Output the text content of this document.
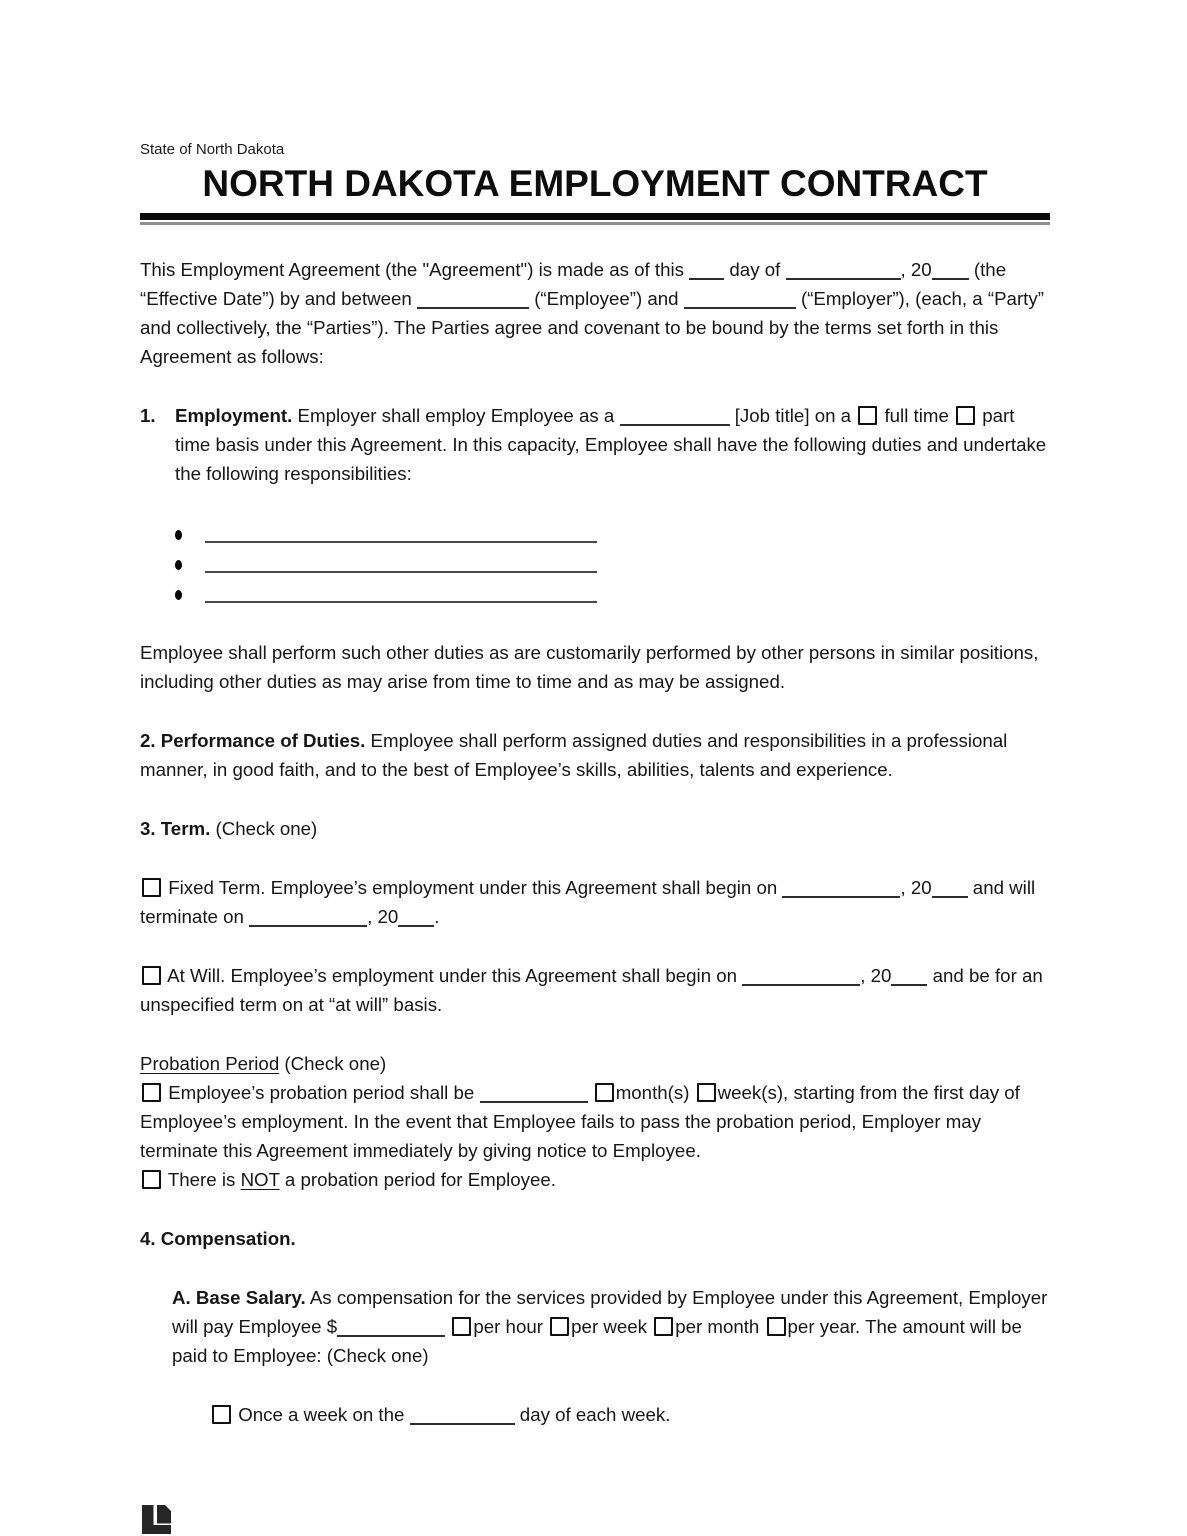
State of North Dakota
NORTH DAKOTA EMPLOYMENT CONTRACT
This Employment Agreement (the "Agreement") is made as of this  day of	, 20 (the “Effective Date”) by and between	(“Employee”) and	(“Employer”), (each, a “Party” and collectively, the “Parties”). The Parties agree and covenant to be bound by the terms set forth in this Agreement as follows:
1. Employment. Employer shall employ Employee as a	[Job title] on a  full time  part time basis under this Agreement. In this capacity, Employee shall have the following duties and undertake the following responsibilities:
Employee shall perform such other duties as are customarily performed by other persons in similar positions, including other duties as may arise from time to time and as may be assigned.
2. Performance of Duties. Employee shall perform assigned duties and responsibilities in a professional manner, in good faith, and to the best of Employee’s skills, abilities, talents and experience.
3. Term. (Check one)
Fixed Term. Employee’s employment under this Agreement shall begin on	, 20 and will terminate on	, 20 .
At Will. Employee’s employment under this Agreement shall begin on	, 20 and be for an unspecified term on at “at will” basis.
Probation Period (Check one)
Employee’s probation period shall be	month(s) week(s), starting from the first day of Employee’s employment. In the event that Employee fails to pass the probation period, Employer may terminate this Agreement immediately by giving notice to Employee.
There is NOT a probation period for Employee.
4. Compensation.
A. Base Salary. As compensation for the services provided by Employee under this Agreement, Employer will pay Employee $	per hour per week per month per year. The amount will be paid to Employee: (Check one)
Once a week on the	day of each week.
